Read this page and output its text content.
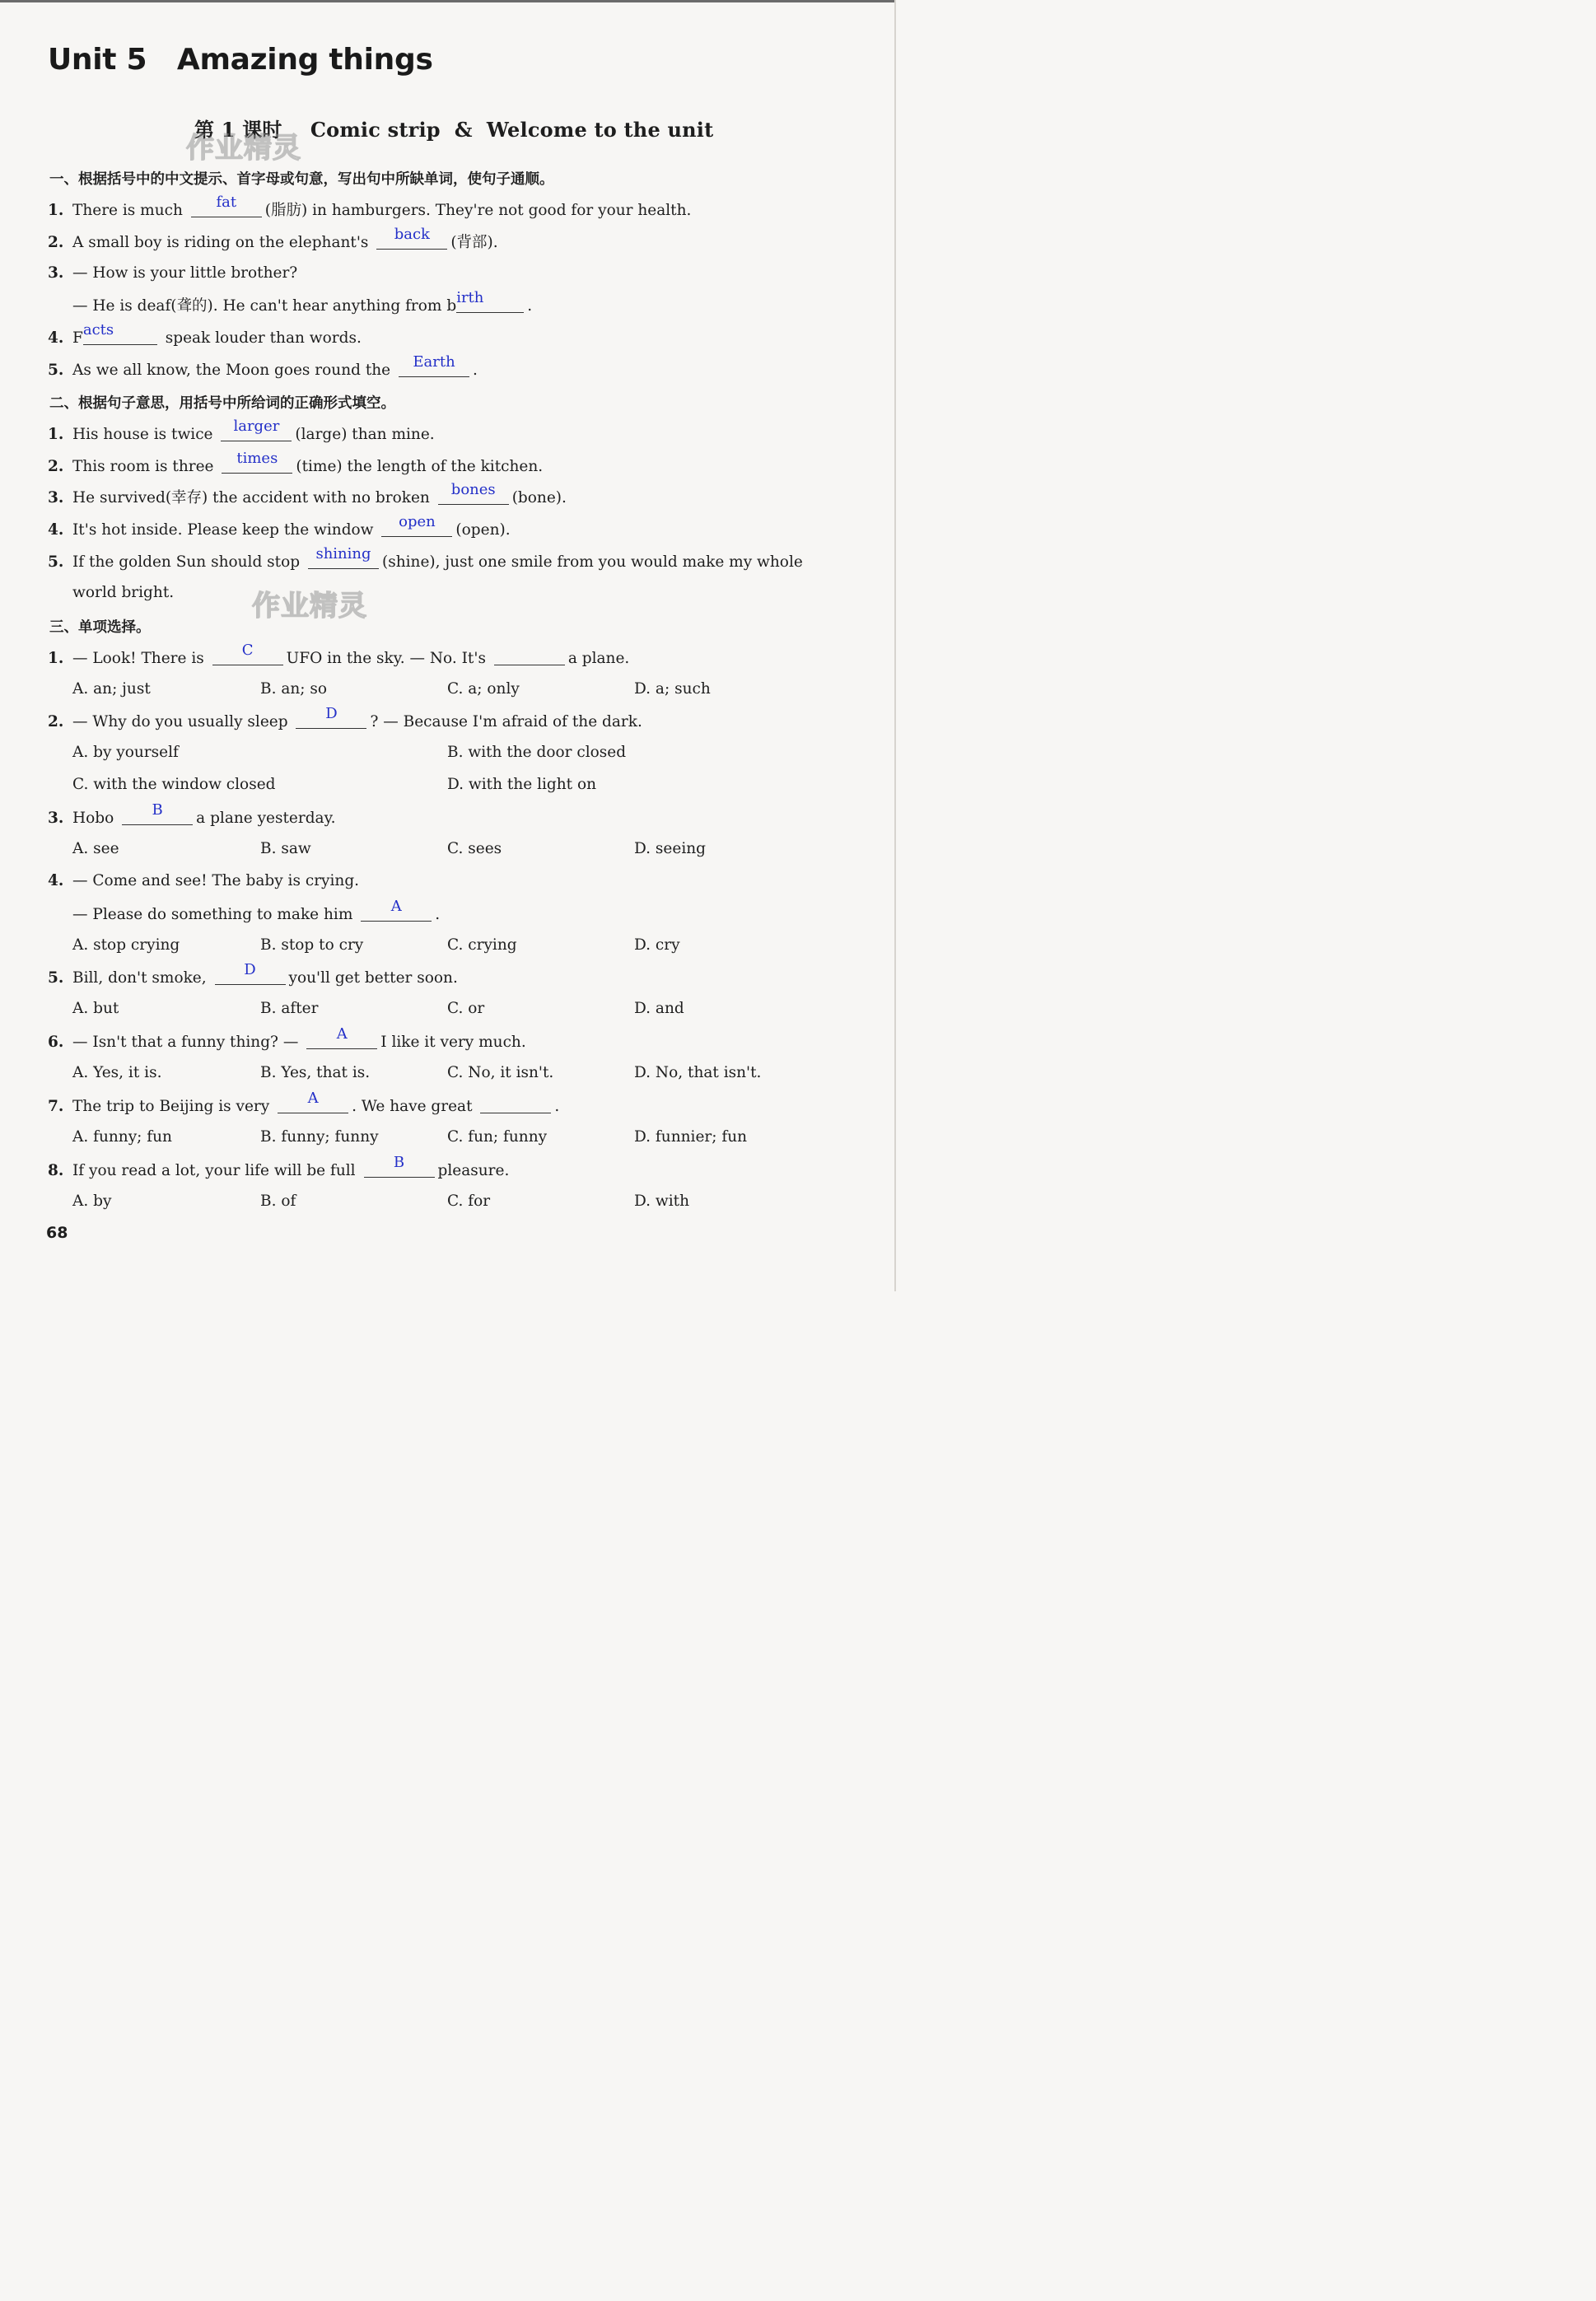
Unit 5   Amazing things
第 1 课时    Comic strip  &  Welcome to the unit
作业精灵
作业精灵
一、根据括号中的中文提示、首字母或句意，写出句中所缺单词，使句子通顺。
1. There is much	fat	(脂肪) in hamburgers. They're not good for your health.
2. A small boy is riding on the elephant's	back	(背部).
3. — How is your little brother?
— He is deaf(聋的). He can't hear anything from b irth	.
4. F acts	speak louder than words.
5. As we all know, the Moon goes round the	Earth	.
二、根据句子意思，用括号中所给词的正确形式填空。
1. His house is twice	larger	(large) than mine.
2. This room is three	times	(time) the length of the kitchen.
3. He survived(幸存) the accident with no broken	bones	(bone).
4. It's hot inside. Please keep the window	open	(open).
5. If the golden Sun should stop	shining (shine), just one smile from you would make my whole
world bright.
三、单项选择。
1. — Look! There is	C	UFO in the sky. — No. It's	a plane.
A. an; just	B. an; so	C. a; only	D. a; such
2. — Why do you usually sleep	D	? — Because I'm afraid of the dark.
A. by yourself	B. with the door closed
C. with the window closed	D. with the light on
3. Hobo	B	a plane yesterday.
A. see	B. saw	C. sees	D. seeing
4. — Come and see! The baby is crying.
— Please do something to make him	A	.
A. stop crying	B. stop to cry	C. crying	D. cry
5. Bill, don't smoke,	D	you'll get better soon.
A. but	B. after	C. or	D. and
6. — Isn't that a funny thing? —	A	I like it very much.
A. Yes, it is.	B. Yes, that is.	C. No, it isn't.	D. No, that isn't.
7. The trip to Beijing is very	A	. We have great	.
A. funny; fun	B. funny; funny	C. fun; funny	D. funnier; fun
8. If you read a lot, your life will be full	B	pleasure.
A. by	B. of	C. for	D. with
68
